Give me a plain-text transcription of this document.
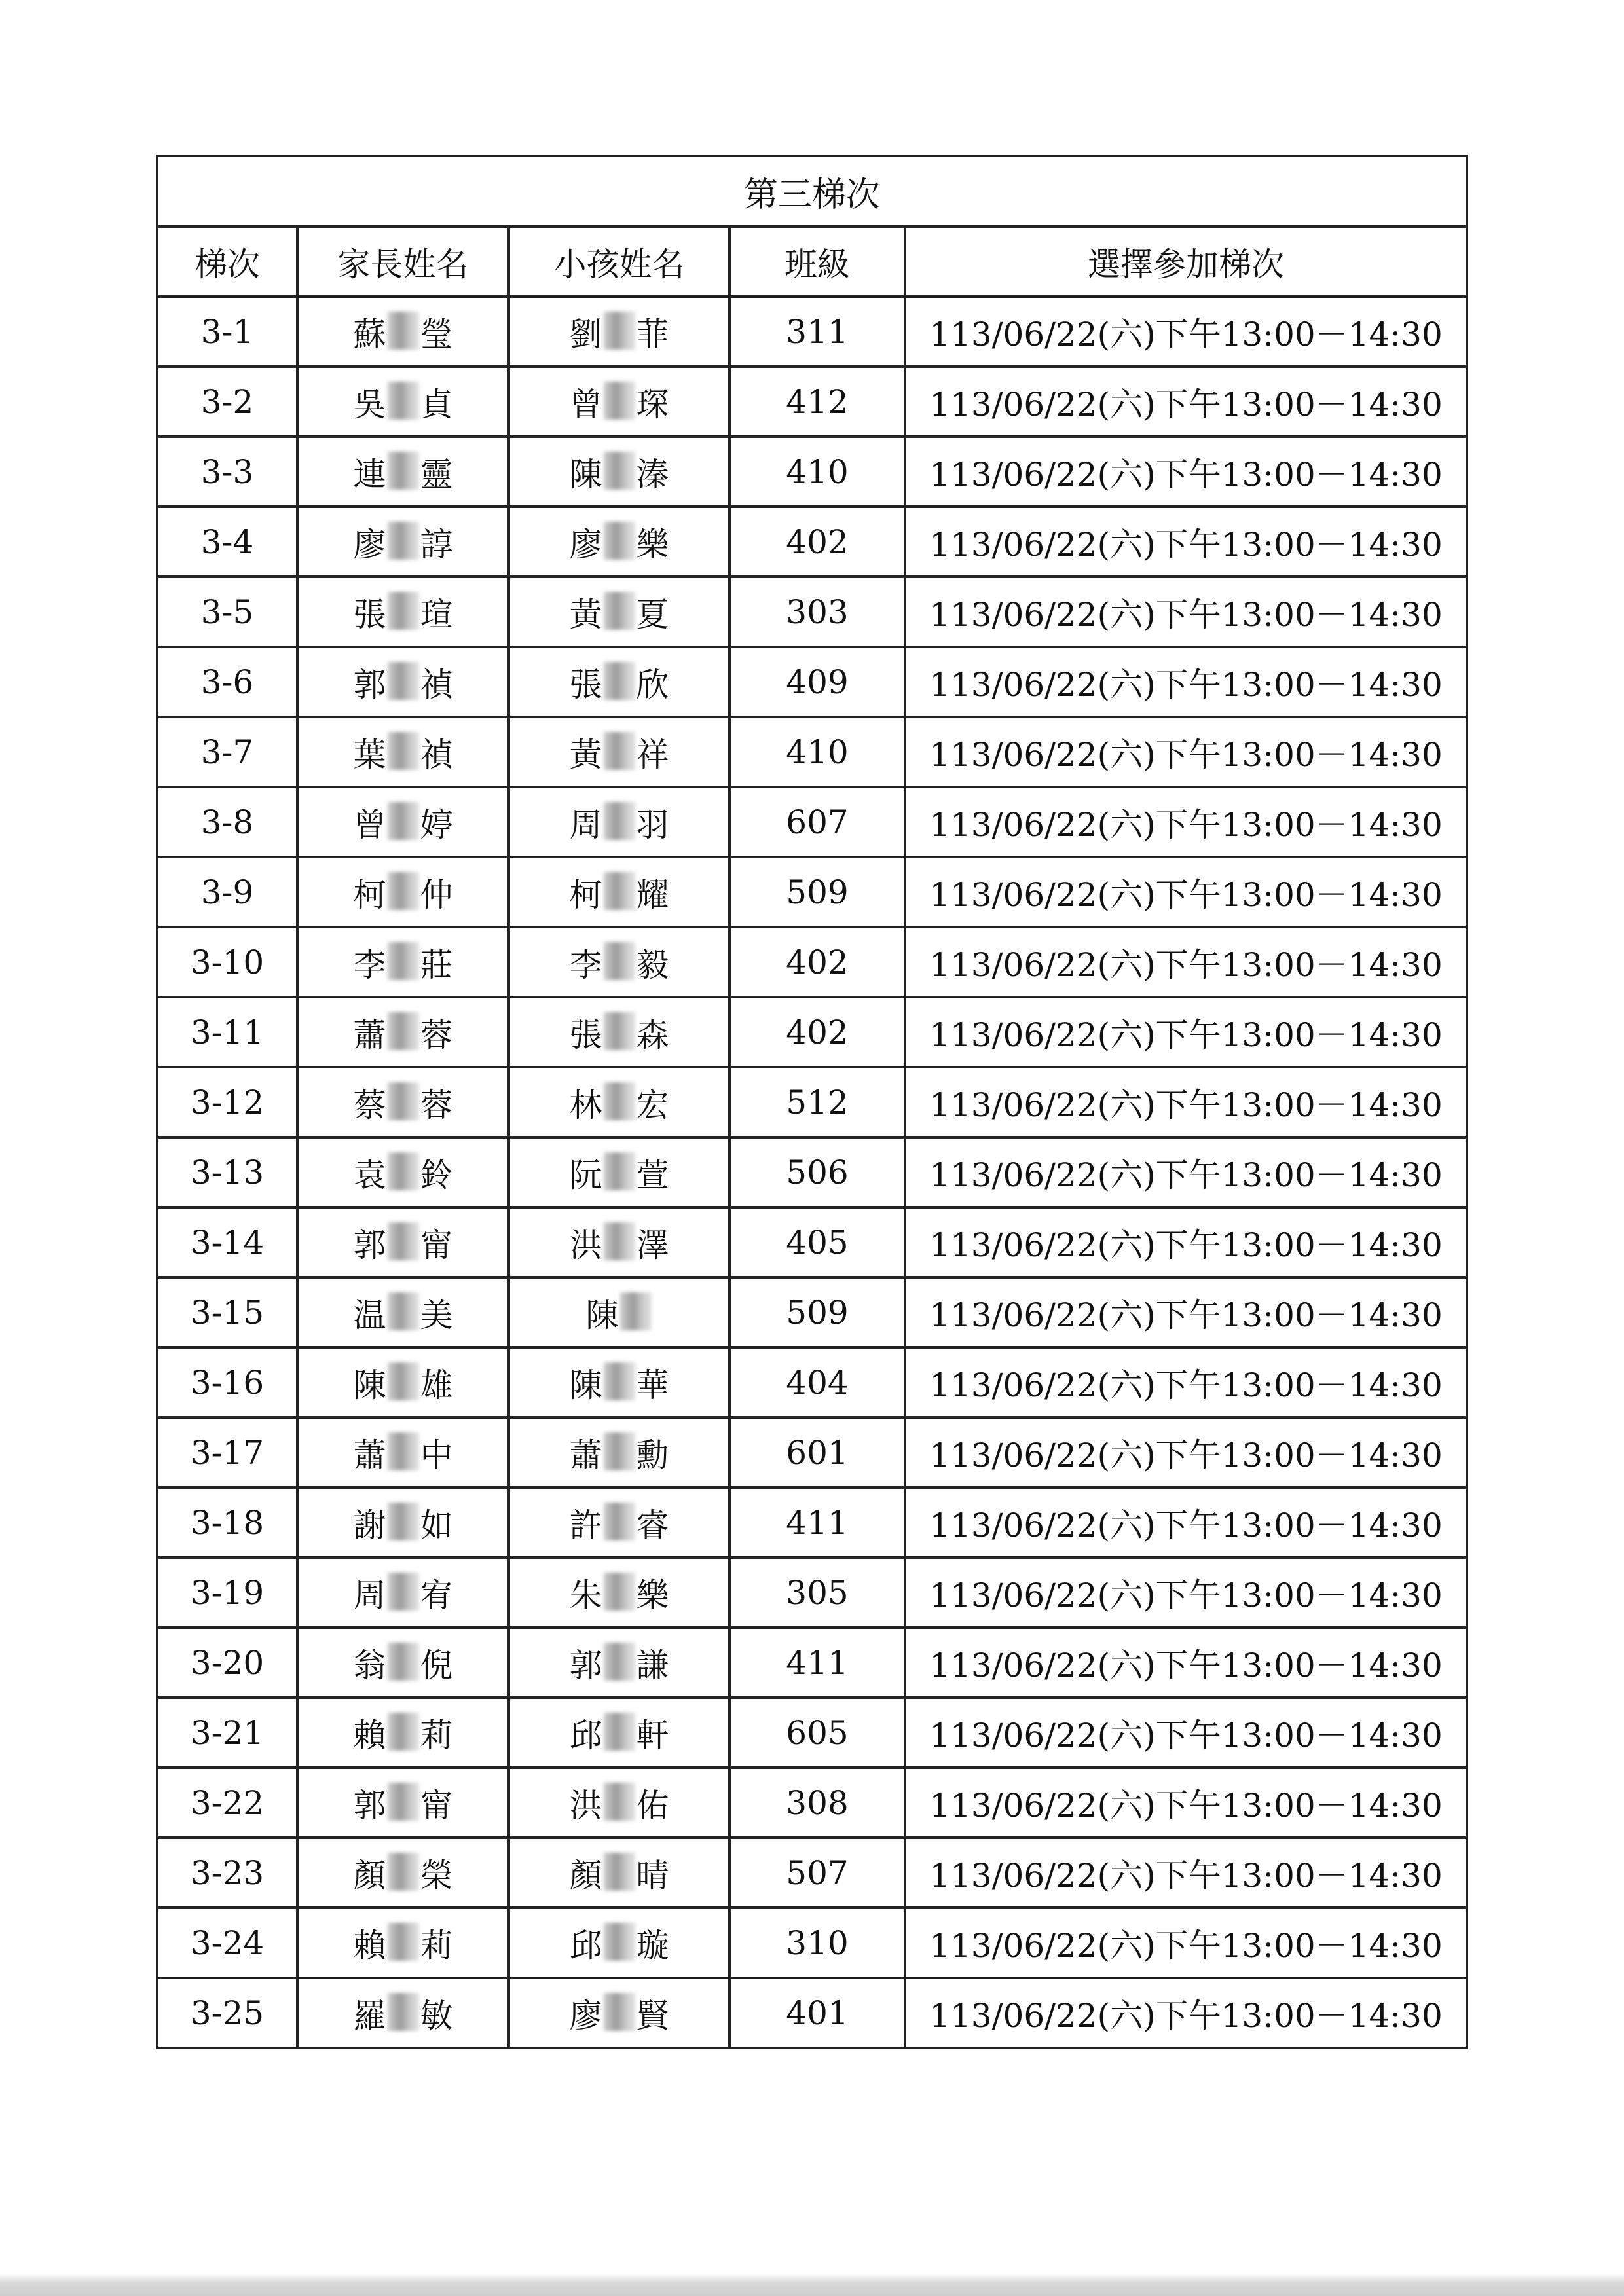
第三梯次				
梯次	家長姓名	小孩姓名	班級	選擇參加梯次
3-1	蘇 瑩	劉 菲	311	113/06/22(六)下午13:00－14:30
3-2	吳 貞	曾 琛	412	113/06/22(六)下午13:00－14:30
3-3	連 靈	陳 溱	410	113/06/22(六)下午13:00－14:30
3-4	廖 諄	廖 樂	402	113/06/22(六)下午13:00－14:30
3-5	張 瑄	黃 夏	303	113/06/22(六)下午13:00－14:30
3-6	郭 禎	張 欣	409	113/06/22(六)下午13:00－14:30
3-7	葉 禎	黃 祥	410	113/06/22(六)下午13:00－14:30
3-8	曾 婷	周 羽	607	113/06/22(六)下午13:00－14:30
3-9	柯 仲	柯 耀	509	113/06/22(六)下午13:00－14:30
3-10	李 莊	李 毅	402	113/06/22(六)下午13:00－14:30
3-11	蕭 蓉	張 森	402	113/06/22(六)下午13:00－14:30
3-12	蔡 蓉	林 宏	512	113/06/22(六)下午13:00－14:30
3-13	袁 鈴	阮 萱	506	113/06/22(六)下午13:00－14:30
3-14	郭 甯	洪 澤	405	113/06/22(六)下午13:00－14:30
3-15	温 美	陳	509	113/06/22(六)下午13:00－14:30
3-16	陳 雄	陳 華	404	113/06/22(六)下午13:00－14:30
3-17	蕭 中	蕭 勳	601	113/06/22(六)下午13:00－14:30
3-18	謝 如	許 睿	411	113/06/22(六)下午13:00－14:30
3-19	周 宥	朱 樂	305	113/06/22(六)下午13:00－14:30
3-20	翁 倪	郭 謙	411	113/06/22(六)下午13:00－14:30
3-21	賴 莉	邱 軒	605	113/06/22(六)下午13:00－14:30
3-22	郭 甯	洪 佑	308	113/06/22(六)下午13:00－14:30
3-23	顏 榮	顏 晴	507	113/06/22(六)下午13:00－14:30
3-24	賴 莉	邱 璇	310	113/06/22(六)下午13:00－14:30
3-25	羅 敏	廖 賢	401	113/06/22(六)下午13:00－14:30
